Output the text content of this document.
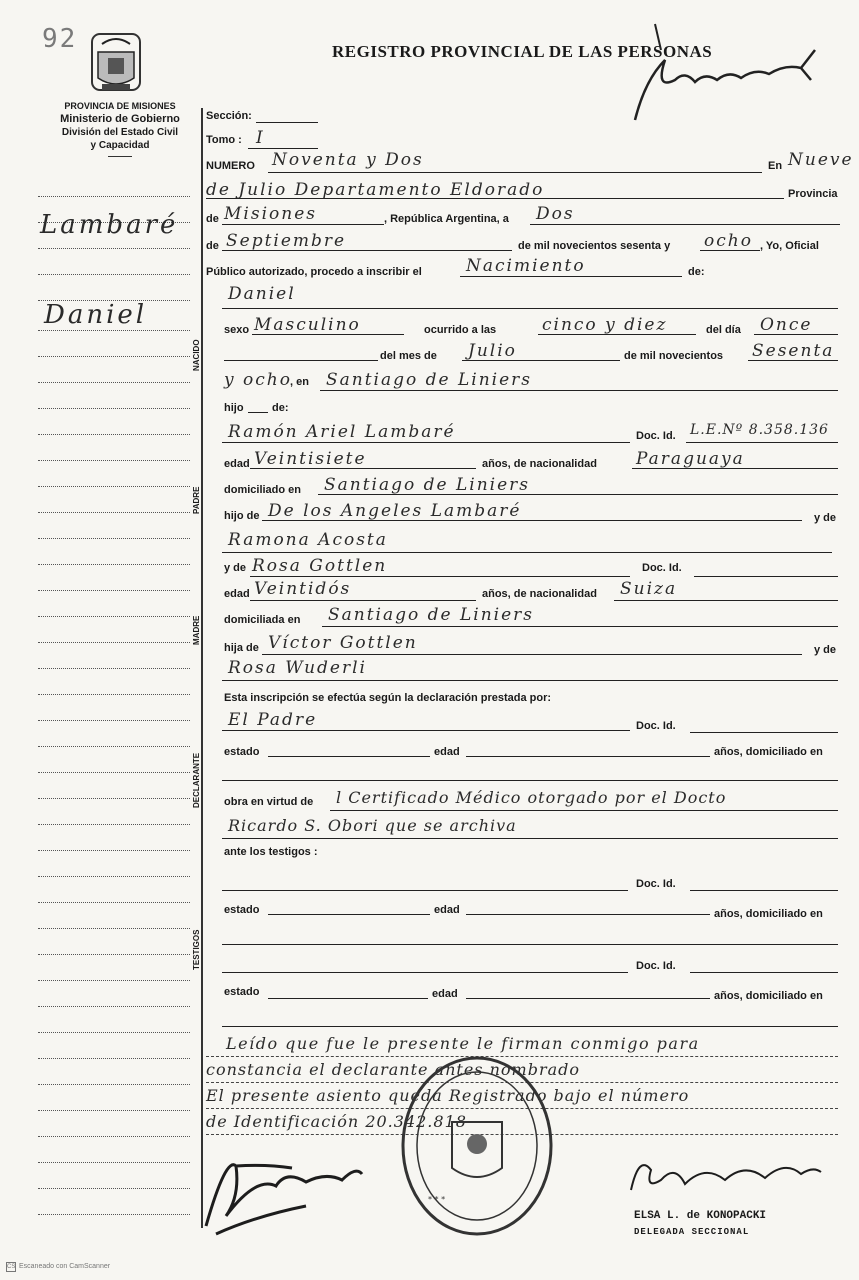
92
PROVINCIA DE MISIONES
Ministerio de Gobierno
División del Estado Civil
y Capacidad
REGISTRO PROVINCIAL DE LAS PERSONAS
Lambaré
Daniel
NACIDO
PADRE
MADRE
DECLARANTE
TESTIGOS
Sección:
Tomo : I
NUMERO Noventa y Dos	En Nueve
de Julio Departamento Eldorado	Provincia
de Misiones	, República Argentina, a Dos
de Septiembre	de mil novecientos sesenta y ocho , Yo, Oficial
Público autorizado, procedo a inscribir el	Nacimiento	de:
Daniel
sexo Masculino	ocurrido a las	cinco y diez	del día Once
del mes de Julio	de mil novecientos Sesenta
y ocho
, en Santiago de Liniers
hijo	de:
Ramón Ariel Lambaré	Doc. Id. L.E.Nº 8.358.136
edad Veintisiete	años, de nacionalidad Paraguaya
domiciliado en Santiago de Liniers
hijo de De los Angeles Lambaré	y de
Ramona Acosta
y de Rosa Gottlen	Doc. Id.
edad Veintidós	años, de nacionalidad Suiza
domiciliada en Santiago de Liniers
hija de Víctor Gottlen	y de
Rosa Wuderli
Esta inscripción se efectúa según la declaración prestada por:
El Padre	Doc. Id.
estado	edad	años, domiciliado en
obra en virtud de l Certificado Médico otorgado por el Docto
Ricardo S. Obori que se archiva
ante los testigos :
Doc. Id.
estado	edad	años, domiciliado en
Doc. Id.
estado	edad	años, domiciliado en
Leído que fue le presente le firman conmigo para
constancia el declarante antes nombrado
El presente asiento queda Registrado bajo el número
de Identificación 20.342.818
* * *
ELSA L. de KONOPACKI
DELEGADA SECCIONAL
CS Escaneado con CamScanner
